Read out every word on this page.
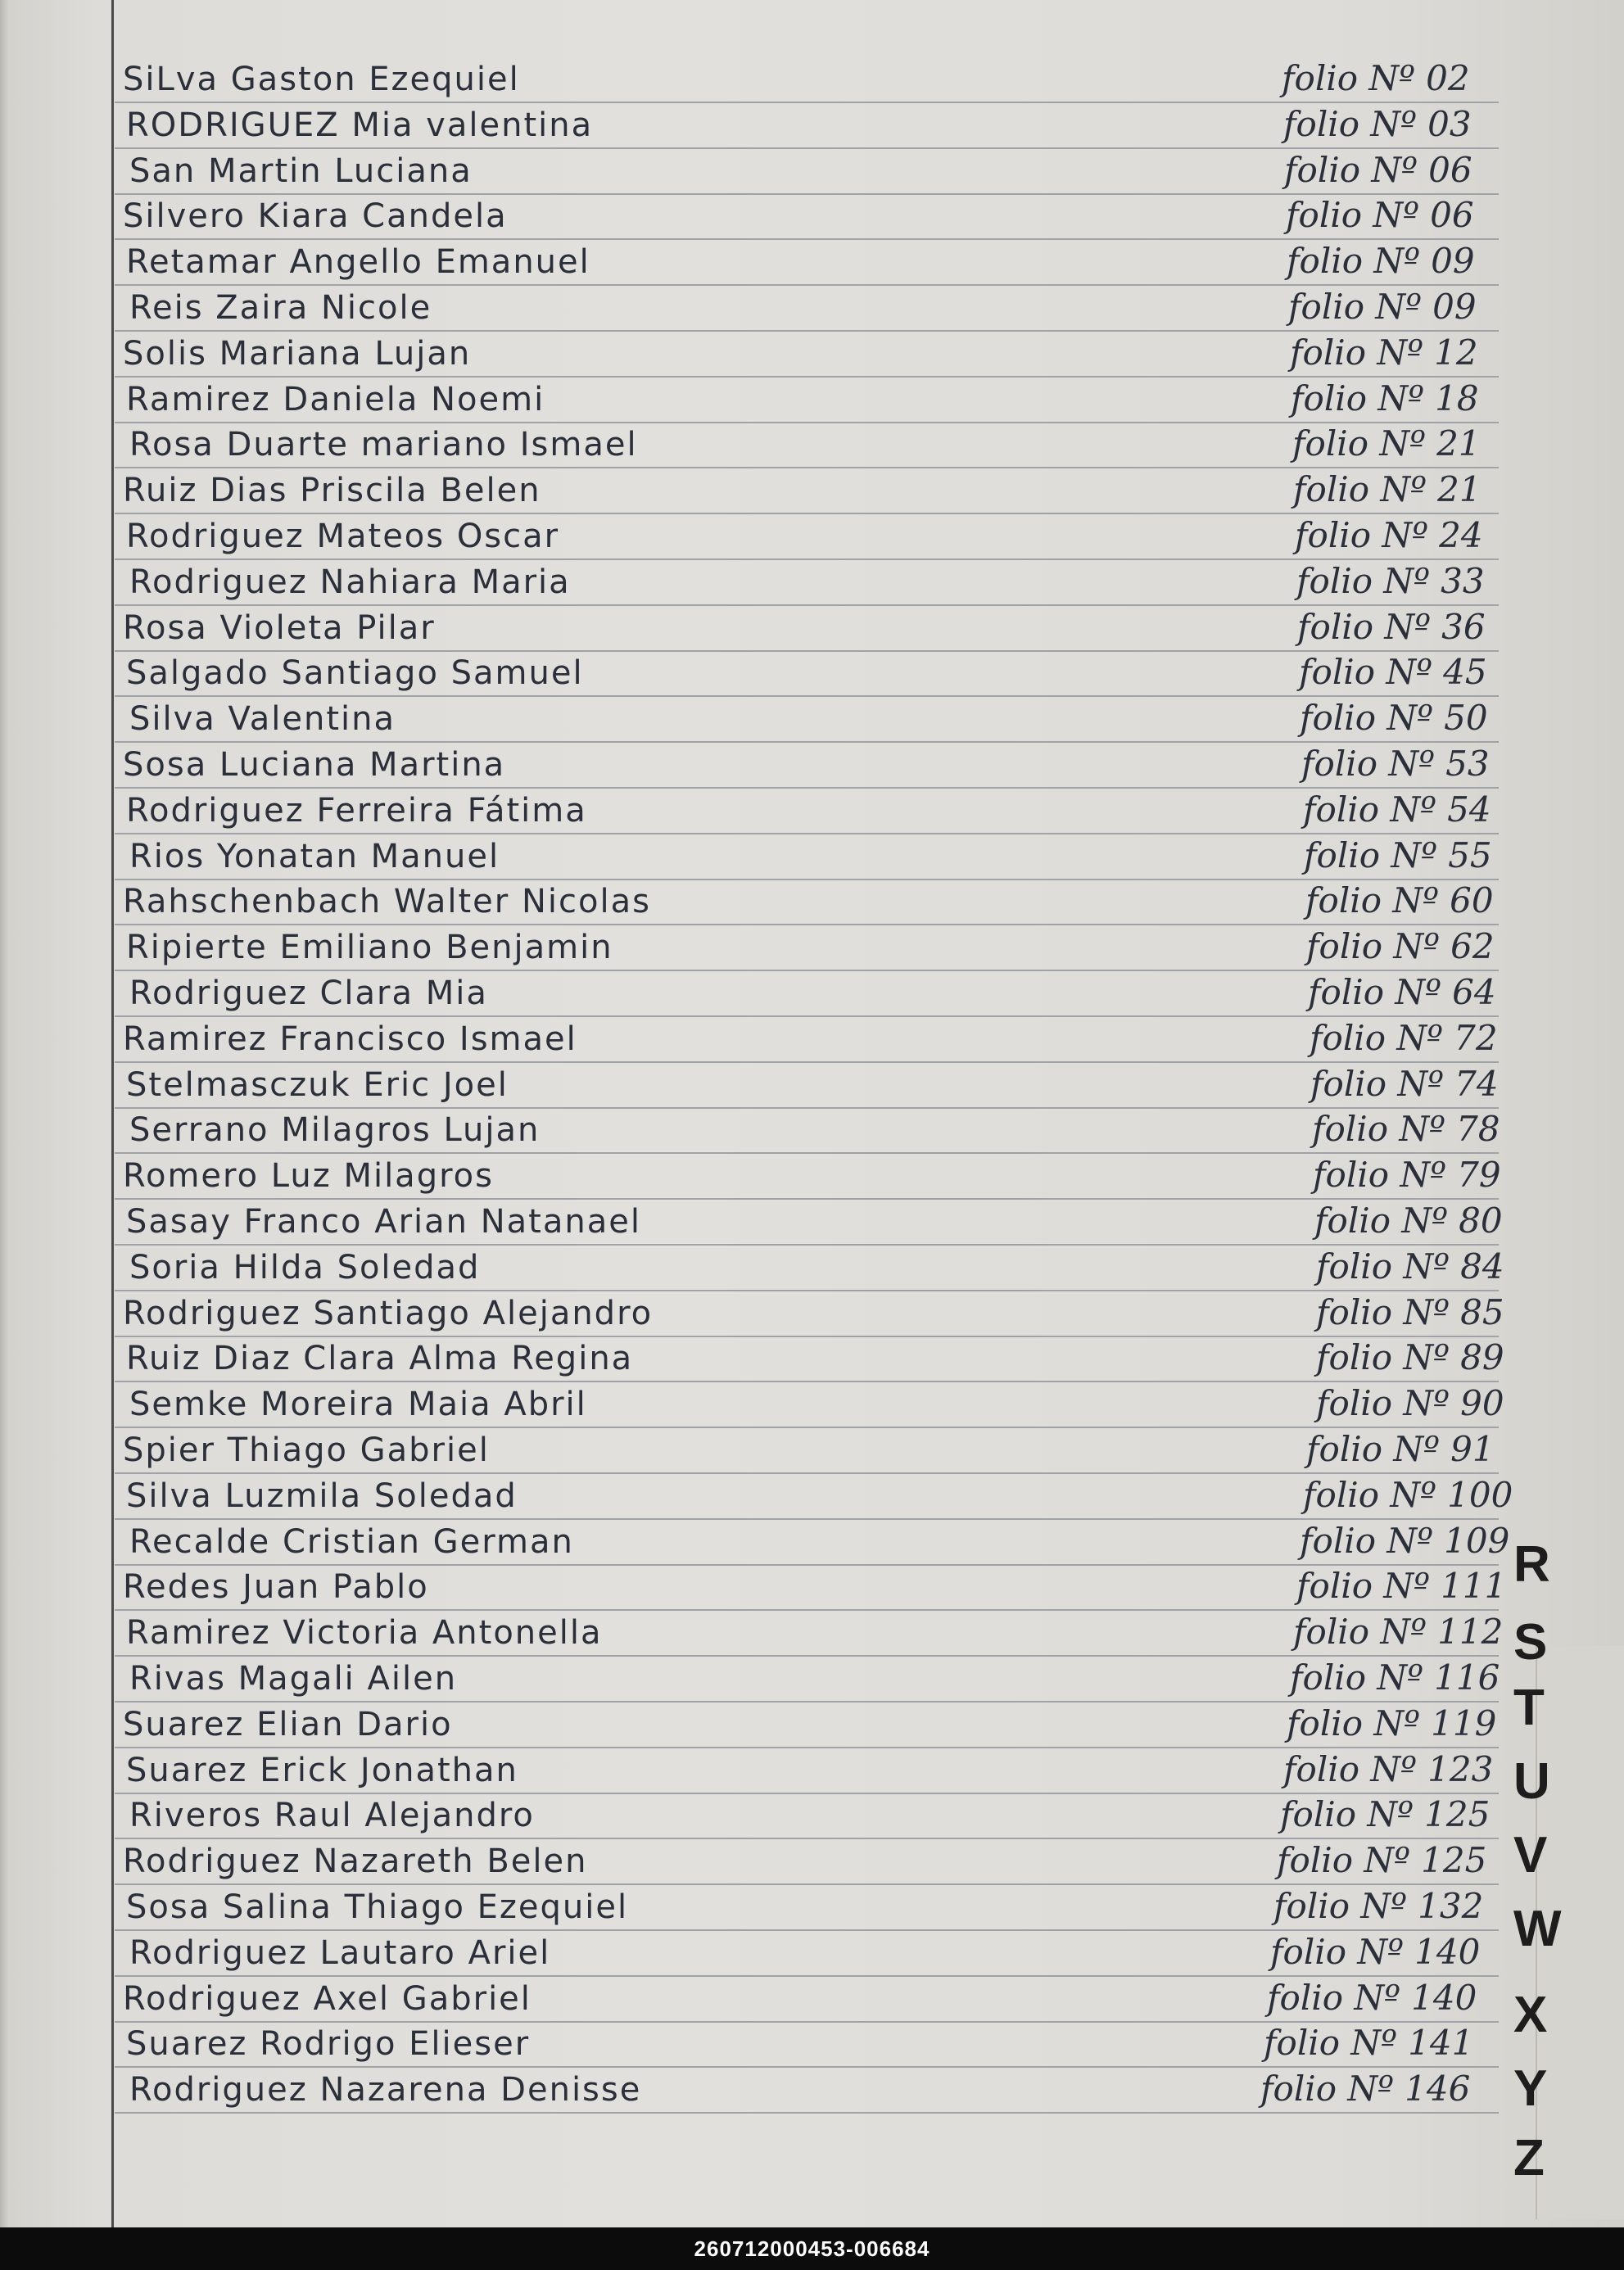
SiLva Gaston Ezequiel	folio Nº 02
RODRIGUEZ Mia valentina	folio Nº 03
San Martin Luciana	folio Nº 06
Silvero Kiara Candela	folio Nº 06
Retamar Angello Emanuel	folio Nº 09
Reis Zaira Nicole	folio Nº 09
Solis Mariana Lujan	folio Nº 12
Ramirez Daniela Noemi	folio Nº 18
Rosa Duarte mariano Ismael	folio Nº 21
Ruiz Dias Priscila Belen	folio Nº 21
Rodriguez Mateos Oscar	folio Nº 24
Rodriguez Nahiara Maria	folio Nº 33
Rosa Violeta Pilar	folio Nº 36
Salgado Santiago Samuel	folio Nº 45
Silva Valentina	folio Nº 50
Sosa Luciana Martina	folio Nº 53
Rodriguez Ferreira Fátima	folio Nº 54
Rios Yonatan Manuel	folio Nº 55
Rahschenbach Walter Nicolas	folio Nº 60
Ripierte Emiliano Benjamin	folio Nº 62
Rodriguez Clara Mia	folio Nº 64
Ramirez Francisco Ismael	folio Nº 72
Stelmasczuk Eric Joel	folio Nº 74
Serrano Milagros Lujan	folio Nº 78
Romero Luz Milagros	folio Nº 79
Sasay Franco Arian Natanael	folio Nº 80
Soria Hilda Soledad	folio Nº 84
Rodriguez Santiago Alejandro	folio Nº 85
Ruiz Diaz Clara Alma Regina	folio Nº 89
Semke Moreira Maia Abril	folio Nº 90
Spier Thiago Gabriel	folio Nº 91
Silva Luzmila Soledad	folio Nº 100
Recalde Cristian German	folio Nº 109
Redes Juan Pablo	folio Nº 111
Ramirez Victoria Antonella	folio Nº 112
Rivas Magali Ailen	folio Nº 116
Suarez Elian Dario	folio Nº 119
Suarez Erick Jonathan	folio Nº 123
Riveros Raul Alejandro	folio Nº 125
Rodriguez Nazareth Belen	folio Nº 125
Sosa Salina Thiago Ezequiel	folio Nº 132
Rodriguez Lautaro Ariel	folio Nº 140
Rodriguez Axel Gabriel	folio Nº 140
Suarez Rodrigo Elieser	folio Nº 141
Rodriguez Nazarena Denisse	folio Nº 146
R
S
T
U
V
W
X
Y
Z
260712000453-006684
